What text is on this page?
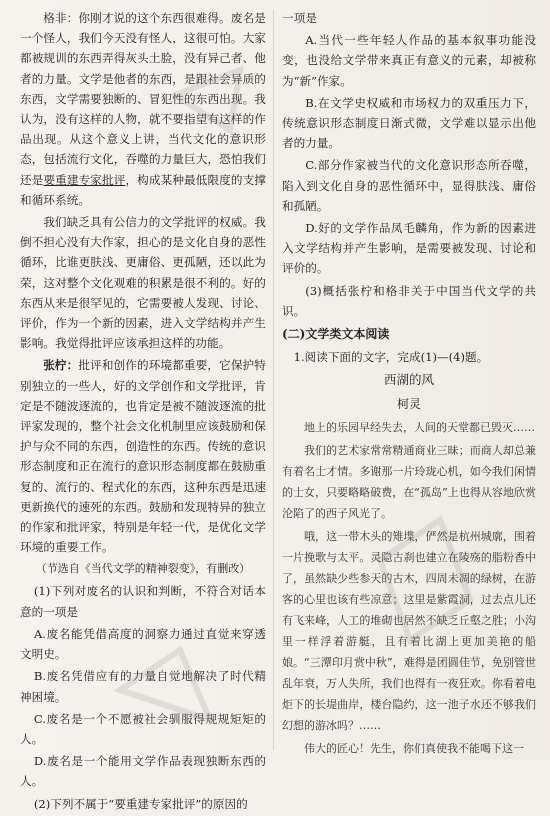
格非：你刚才说的这个东西很难得。废名是一个怪人，我们今天没有怪人，这很可怕。大家都被规训的东西弄得灰头土脸，没有异己者、他者的力量。文学是他者的东西，是跟社会异质的东西，文学需要独断的、冒犯性的东西出现。我认为，没有这样的人物，就不要指望有这样的作品出现。从这个意义上讲，当代文化的意识形态，包括流行文化，吞噬的力量巨大，恐怕我们还是要重建专家批评，构成某种最低限度的支撑和循环系统。

我们缺乏具有公信力的文学批评的权威。我倒不担心没有大作家，担心的是文化自身的恶性循环，比谁更肤浅、更庸俗、更孤陋，还以此为荣，这对整个文化观难的积累是很不利的。好的东西从来是很罕见的，它需要被人发现、讨论、评价，作为一个新的因素，进入文学结构并产生影响。我觉得批评应该承担这样的功能。

张柠：批评和创作的环境都重要，它保护特别独立的一些人，好的文学创作和文学批评，肯定是不随波逐流的，也肯定是被不随波逐流的批评家发现的，整个社会文化机制里应该鼓励和保护与众不同的东西，创造性的东西。传统的意识形态制度和正在流行的意识形态制度都在鼓励重复的、流行的、程式化的东西，这种东西是迅速更新换代的速死的东西。鼓励和发现特异的独立的作家和批评家，特别是年轻一代，是优化文学环境的重要工作。

（节选自《当代文学的精神裂变》，有删改）

(1)下列对废名的认识和判断，不符合对话本意的一项是

A.废名能凭借高度的洞察力通过直觉来穿透文明史。

B.废名凭借应有的力量自觉地解决了时代精神困境。

C.废名是一个不愿被社会驯服得规规矩矩的人。

D.废名是一个能用文学作品表现独断东西的人。

(2)下列不属于“要重建专家批评”的原因的

一项是

A.当代一些年轻人作品的基本叙事功能没变，也没给文学带来真正有意义的元素，却被称为“新”作家。

B.在文学史权威和市场权力的双重压力下，传统意识形态制度日渐式微，文学难以显示出他者的力量。

C.部分作家被当代的文化意识形态所吞噬，陷入到文化自身的恶性循环中，显得肤浅、庸俗和孤陋。

D.好的文学作品凤毛麟角，作为新的因素进入文学结构并产生影响，是需要被发现、讨论和评价的。

(3)概括张柠和格非关于中国当代文学的共识。

(二)文学类文本阅读

1.阅读下面的文字，完成(1)—(4)题。

西湖的风

柯灵

地上的乐园早经失去，人间的天堂都已毁灭……

我们的艺术家常常精通商业三昧；而商人却总兼有着名士才情。多谢那一片玲珑心机，如今我们闲情的士女，只要略略破费，在“孤岛”上也得从容地欣赏沦陷了的西子风光了。

哦，这一带木头的雉堞，俨然是杭州城廓，围着一片挽歌与太平。灵隐古刹也建立在陵殇的脂粉香中了，虽然缺少些参天的古木，四周未凋的绿树，在游客的心里也该有些凉意；这里是紫霞洞，过去点儿还有飞来峰，人工的堆砌也居然不缺乏丘壑之胜；小沟里一样浮着游艇，且有着比湖上更加美艳的船娘。“三潭印月赏中秋”，难得是团圆佳节，免别管世乱年衰，万人失所，我们也得有一夜狂欢。你看着电炬下的长堤曲岸，楼台隐约，这一池子水还不够我们幻想的游冰吗？……

伟大的匠心！先生，你们真使我不能喝下这一
